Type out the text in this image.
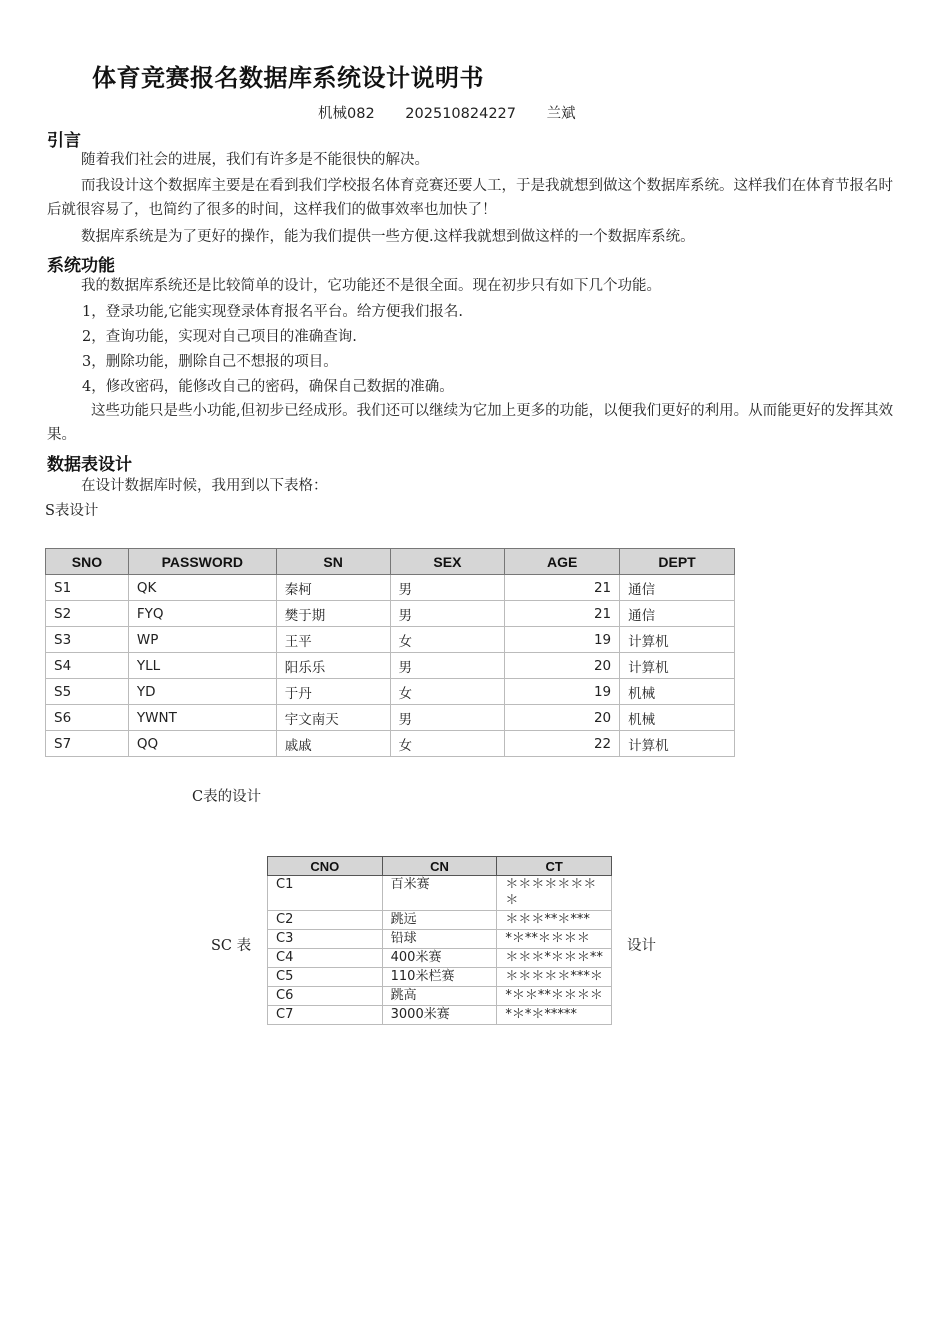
体育竞赛报名数据库系统设计说明书
机械082 202510824227 兰斌
引言

随着我们社会的进展，我们有许多是不能很快的解决。

而我设计这个数据库主要是在看到我们学校报名体育竞赛还要人工，于是我就想到做这个数据库系统。这样我们在体育节报名时后就很容易了，也简约了很多的时间，这样我们的做事效率也加快了！

数据库系统是为了更好的操作，能为我们提供一些方便.这样我就想到做这样的一个数据库系统。

系统功能

我的数据库系统还是比较简单的设计，它功能还不是很全面。现在初步只有如下几个功能。

1，登录功能,它能实现登录体育报名平台。给方便我们报名.

2，查询功能，实现对自己项目的准确查询.

3，删除功能，删除自己不想报的项目。

4，修改密码，能修改自己的密码，确保自己数据的准确。

这些功能只是些小功能,但初步已经成形。我们还可以继续为它加上更多的功能，以便我们更好的利用。从而能更好的发挥其效果。

数据表设计

在设计数据库时候，我用到以下表格：

S表设计

SNO	PASSWORD	SN	SEX	AGE	DEPT
S1	QK	秦柯	男	21	通信
S2	FYQ	樊于期	男	21	通信
S3	WP	王平	女	19	计算机
S4	YLL	阳乐乐	男	20	计算机
S5	YD	于丹	女	19	机械
S6	YWNT	宇文南天	男	20	机械
S7	QQ	戚戚	女	22	计算机

C表的设计

SC 表	设计

CNO	CN	CT
C1	百米赛	＊＊＊＊＊＊＊＊
C2	跳远	＊＊＊**＊***
C3	铅球	*＊**＊＊＊＊
C4	400米赛	＊＊＊*＊＊＊**
C5	110米栏赛	＊＊＊＊＊***＊
C6	跳高	*＊＊**＊＊＊＊
C7	3000米赛	*＊*＊*****
